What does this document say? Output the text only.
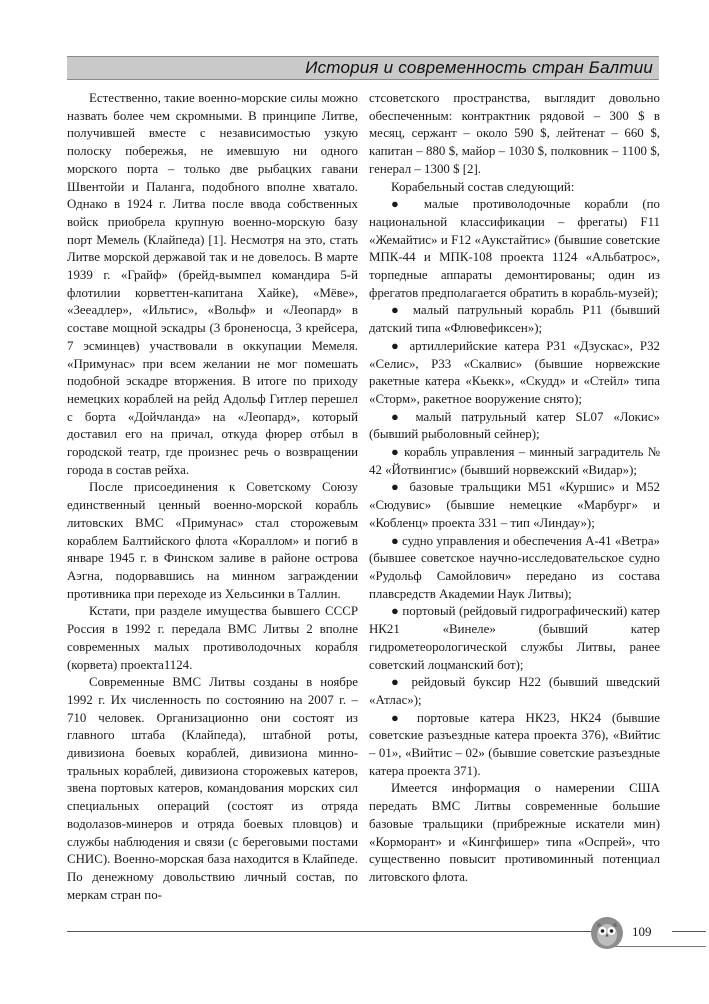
История и современность стран Балтии

Естественно, такие военно-морские силы можно назвать более чем скромными. В принципе Литве, получившей вместе с независимостью узкую полоску побережья, не имевшую ни одного морского порта – только две рыбацких гавани Швентойи и Паланга, подобного вполне хватало. Однако в 1924 г. Литва после ввода собственных войск приобрела крупную военно-морскую базу порт Мемель (Клайпеда) [1]. Несмотря на это, стать Литве морской державой так и не довелось. В марте 1939 г. «Грайф» (брейд-вымпел командира 5-й флотилии корветтен-капитана Хайке), «Мёве», «Зееадлер», «Ильтис», «Вольф» и «Леопард» в составе мощной эскадры (3 броненосца, 3 крейсера, 7 эсминцев) участвовали в оккупации Мемеля. «Примунас» при всем желании не мог помешать подобной эскадре вторжения. В итоге по приходу немецких кораблей на рейд Адольф Гитлер перешел с борта «Дойчланда» на «Леопард», который доставил его на причал, откуда фюрер отбыл в городской театр, где произнес речь о возвращении города в состав рейха.

После присоединения к Советскому Союзу единственный ценный военно-морской корабль литовских ВМС «Примунас» стал сторожевым кораблем Балтийского флота «Кораллом» и погиб в январе 1945 г. в Финском заливе в районе острова Аэгна, подорвавшись на минном заграждении противника при переходе из Хельсинки в Таллин.

Кстати, при разделе имущества бывшего СССР Россия в 1992 г. передала ВМС Литвы 2 вполне современных малых противолодочных корабля (корвета) проекта1124.

Современные ВМС Литвы созданы в ноябре 1992 г. Их численность по состоянию на 2007 г. – 710 человек. Организационно они состоят из главного штаба (Клайпеда), штабной роты, дивизиона боевых кораблей, дивизиона минно-тральных кораблей, дивизиона сторожевых катеров, звена портовых катеров, командования морских сил специальных операций (состоят из отряда водолазов-минеров и отряда боевых пловцов) и службы наблюдения и связи (с береговыми постами СНИС). Военно-морская база находится в Клайпеде. По денежному довольствию личный состав, по меркам стран по-

стсоветского пространства, выглядит довольно обеспеченным: контрактник рядовой – 300 $ в месяц, сержант – около 590 $, лейтенат – 660 $, капитан – 880 $, майор – 1030 $, полковник – 1100 $, генерал – 1300 $ [2].

Корабельный состав следующий:

● малые противолодочные корабли (по национальной классификации – фрегаты) F11 «Жемайтис» и F12 «Аукстайтис» (бывшие советские МПК-44 и МПК-108 проекта 1124 «Альбатрос», торпедные аппараты демонтированы; один из фрегатов предполагается обратить в корабль-музей);

● малый патрульный корабль P11 (бывший датский типа «Флювефиксен»);

● артиллерийские катера P31 «Дзускас», P32 «Селис», P33 «Скалвис» (бывшие норвежские ракетные катера «Кьекк», «Скудд» и «Стейл» типа «Сторм», ракетное вооружение снято);

● малый патрульный катер SL07 «Локис» (бывший рыболовный сейнер);

● корабль управления – минный заградитель № 42 «Йотвингис» (бывший норвежский «Видар»);

● базовые тральщики M51 «Куршис» и M52 «Сюдувис» (бывшие немецкие «Марбург» и «Кобленц» проекта 331 – тип «Линдау»);

● судно управления и обеспечения А-41 «Ветра» (бывшее советское научно-исследовательское судно «Рудольф Самойлович» передано из состава плавсредств Академии Наук Литвы);

● портовый (рейдовый гидрографический) катер НК21 «Винеле» (бывший катер гидрометеорологической службы Литвы, ранее советский лоцманский бот);

● рейдовый буксир Н22 (бывший шведский «Атлас»);

● портовые катера НК23, НК24 (бывшие советские разъездные катера проекта 376), «Вийтис – 01», «Вийтис – 02» (бывшие советские разъездные катера проекта 371).

Имеется информация о намерении США передать ВМС Литвы современные большие базовые тральщики (прибрежные искатели мин) «Корморант» и «Кингфишер» типа «Оспрей», что существенно повысит противоминный потенциал литовского флота.

109
